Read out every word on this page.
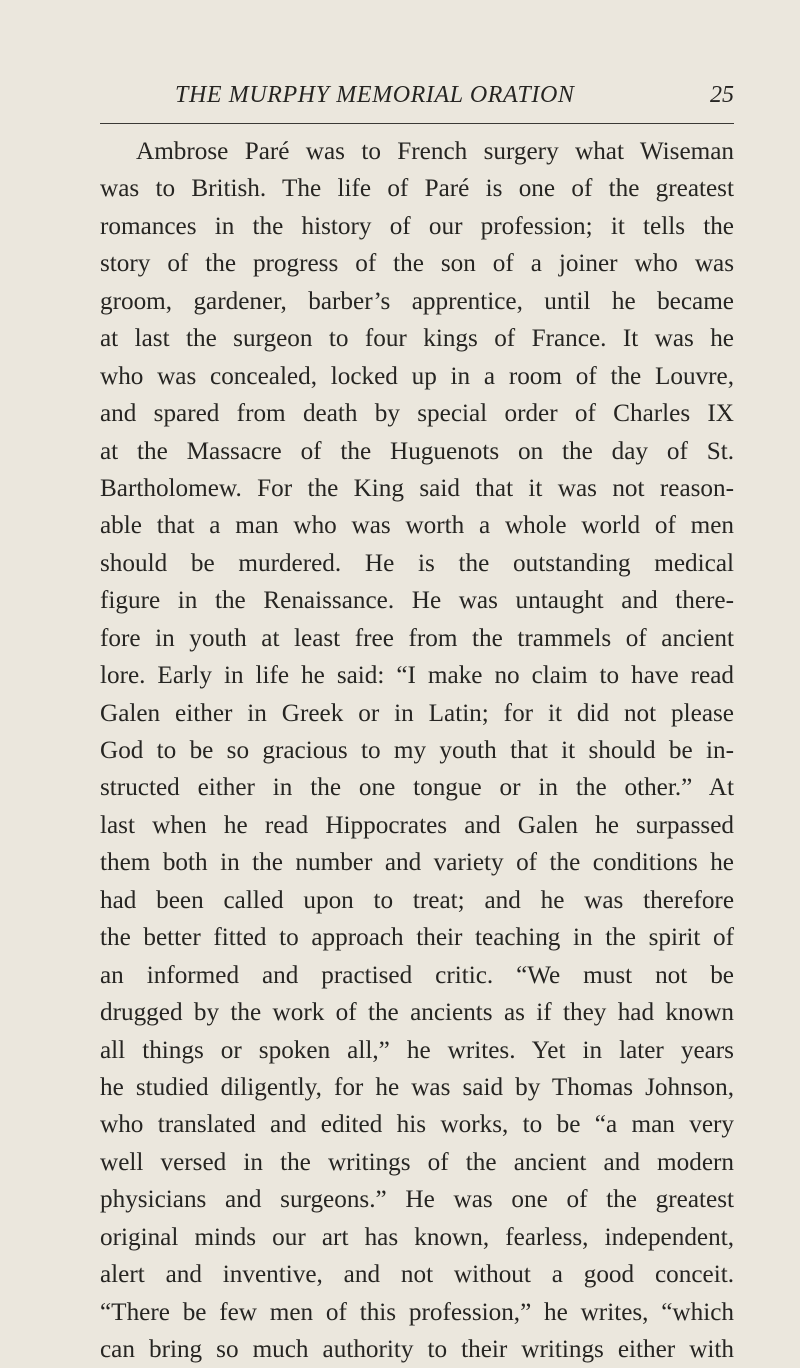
THE MURPHY MEMORIAL ORATION	25
Ambrose Paré was to French surgery what Wiseman
was to British. The life of Paré is one of the greatest
romances in the history of our profession; it tells the
story of the progress of the son of a joiner who was
groom, gardener, barber’s apprentice, until he became
at last the surgeon to four kings of France. It was he
who was concealed, locked up in a room of the Louvre,
and spared from death by special order of Charles IX
at the Massacre of the Huguenots on the day of St.
Bartholomew. For the King said that it was not reason-
able that a man who was worth a whole world of men
should be murdered. He is the outstanding medical
figure in the Renaissance. He was untaught and there-
fore in youth at least free from the trammels of ancient
lore. Early in life he said: “I make no claim to have read
Galen either in Greek or in Latin; for it did not please
God to be so gracious to my youth that it should be in-
structed either in the one tongue or in the other.” At
last when he read Hippocrates and Galen he surpassed
them both in the number and variety of the conditions he
had been called upon to treat; and he was therefore
the better fitted to approach their teaching in the spirit of
an informed and practised critic. “We must not be
drugged by the work of the ancients as if they had known
all things or spoken all,” he writes. Yet in later years
he studied diligently, for he was said by Thomas Johnson,
who translated and edited his works, to be “a man very
well versed in the writings of the ancient and modern
physicians and surgeons.” He was one of the greatest
original minds our art has known, fearless, independent,
alert and inventive, and not without a good conceit.
“There be few men of this profession,” he writes, “which
can bring so much authority to their writings either with
